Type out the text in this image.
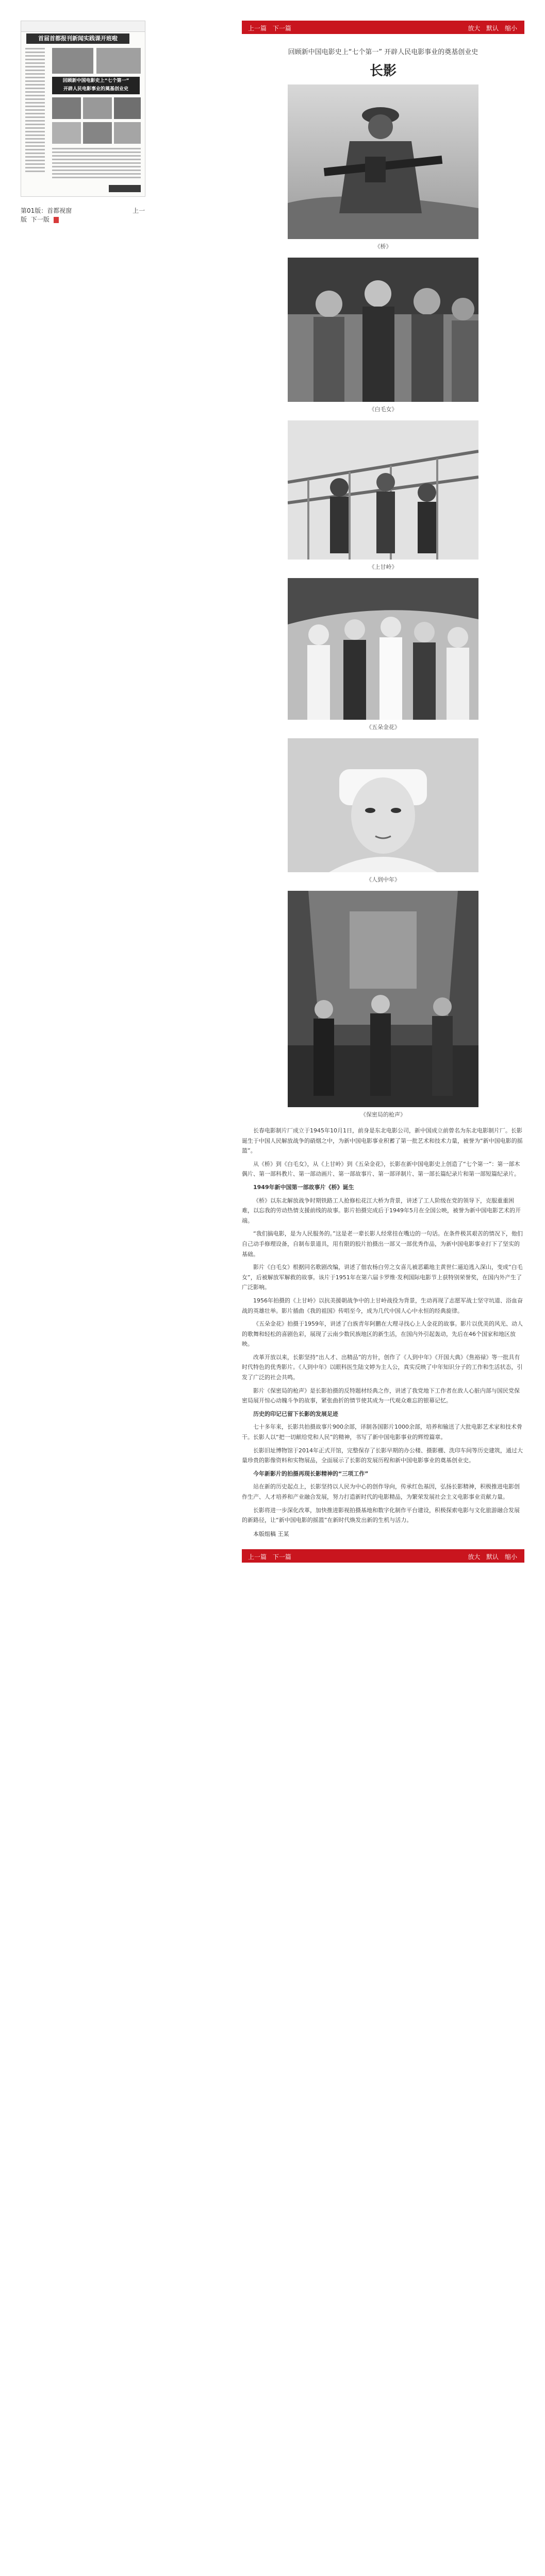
首届首都报刊新闻实践课开班啦
回顾新中国电影史上“七个第一”
开辟人民电影事业的奠基创业史
第01版：首都视窗	上一版 下一版
上一篇 下一篇	放大 默认 缩小
回顾新中国电影史上“七个第一” 开辟人民电影事业的奠基创业史
长影
《桥》
《白毛女》
《上甘岭》
《五朵金花》
《人到中年》
《保密局的枪声》

长春电影制片厂成立于1945年10月1日，前身是东北电影公司，新中国成立前曾名为东北电影制片厂。长影诞生于中国人民解放战争的硝烟之中，为新中国电影事业积蓄了第一批艺术和技术力量，被誉为“新中国电影的摇篮”。

从《桥》到《白毛女》，从《上甘岭》到《五朵金花》，长影在新中国电影史上创造了“七个第一”：第一部木偶片、第一部科教片、第一部动画片、第一部故事片、第一部译制片、第一部长篇纪录片和第一部短篇纪录片。

1949年新中国第一部故事片《桥》诞生

《桥》以东北解放战争时期铁路工人抢修松花江大桥为背景，讲述了工人阶级在党的领导下，克服重重困难，以忘我的劳动热情支援前线的故事。影片拍摄完成后于1949年5月在全国公映，被誉为新中国电影艺术的开端。

“我们搞电影，是为人民服务的。”这是老一辈长影人经常挂在嘴边的一句话。在条件极其艰苦的情况下，他们自己动手修理设备，自制布景道具，用有限的胶片拍摄出一部又一部优秀作品，为新中国电影事业打下了坚实的基础。

影片《白毛女》根据同名歌剧改编，讲述了佃农杨白劳之女喜儿被恶霸地主黄世仁逼迫逃入深山，变成“白毛女”，后被解放军解救的故事。该片于1951年在第六届卡罗维·发利国际电影节上获特别荣誉奖，在国内外产生了广泛影响。

1956年拍摄的《上甘岭》以抗美援朝战争中的上甘岭战役为背景，生动再现了志愿军战士坚守坑道、浴血奋战的英雄壮举。影片插曲《我的祖国》传唱至今，成为几代中国人心中永恒的经典旋律。

《五朵金花》拍摄于1959年，讲述了白族青年阿鹏在大理寻找心上人金花的故事。影片以优美的风光、动人的歌舞和轻松的喜剧色彩，展现了云南少数民族地区的新生活，在国内外引起轰动，先后在46个国家和地区放映。

改革开放以来，长影坚持“出人才、出精品”的方针，创作了《人到中年》《开国大典》《焦裕禄》等一批具有时代特色的优秀影片。《人到中年》以眼科医生陆文婷为主人公，真实反映了中年知识分子的工作和生活状态，引发了广泛的社会共鸣。

影片《保密局的枪声》是长影拍摄的反特题材经典之作，讲述了我党地下工作者在敌人心脏内部与国民党保密局展开惊心动魄斗争的故事，紧张曲折的情节使其成为一代观众难忘的银幕记忆。

历史的印记已留下长影的发展足迹

七十多年来，长影共拍摄故事片900余部，译制各国影片1000余部，培养和输送了大批电影艺术家和技术骨干。长影人以“把一切献给党和人民”的精神，书写了新中国电影事业的辉煌篇章。

长影旧址博物馆于2014年正式开馆，完整保存了长影早期的办公楼、摄影棚、洗印车间等历史建筑，通过大量珍贵的影像资料和实物展品，全面展示了长影的发展历程和新中国电影事业的奠基创业史。

今年新影片的拍摄再现长影精神的“三项工作”

站在新的历史起点上，长影坚持以人民为中心的创作导向，传承红色基因，弘扬长影精神，积极推进电影创作生产、人才培养和产业融合发展，努力打造新时代的电影精品，为繁荣发展社会主义电影事业贡献力量。

长影将进一步深化改革，加快推进影视拍摄基地和数字化制作平台建设，积极探索电影与文化旅游融合发展的新路径，让“新中国电影的摇篮”在新时代焕发出新的生机与活力。

本版组稿 王某
上一篇 下一篇	放大 默认 缩小
